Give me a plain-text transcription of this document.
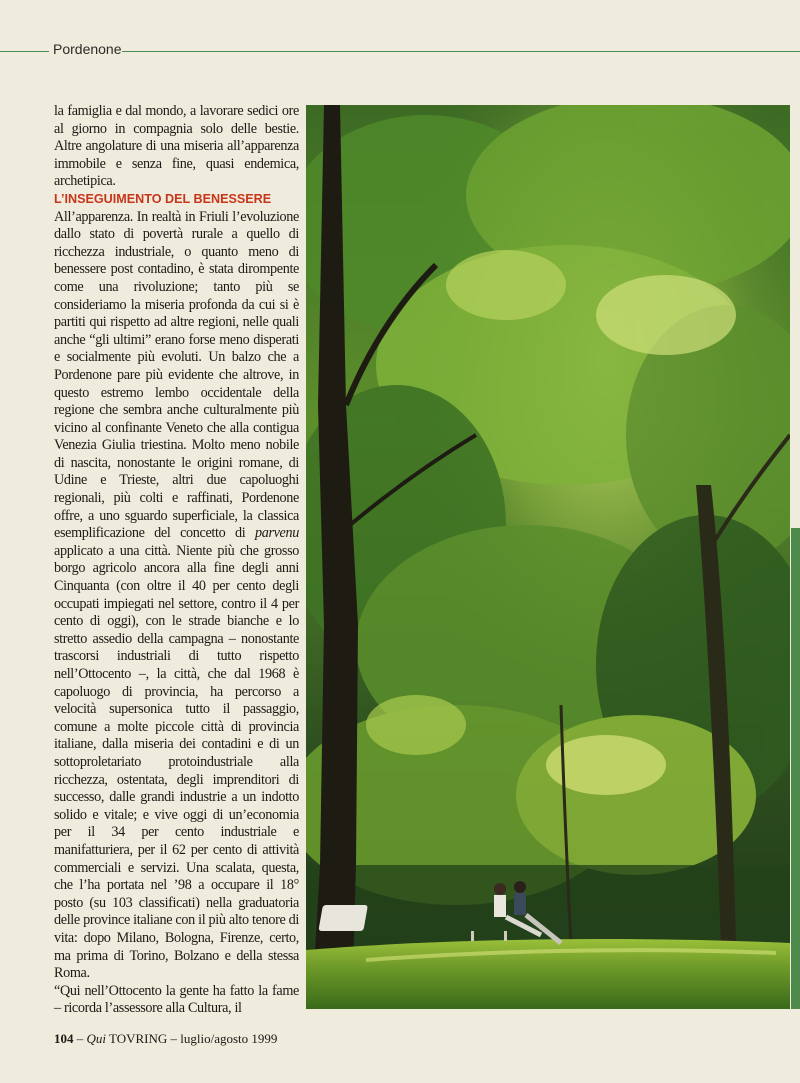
Pordenone

la famiglia e dal mondo, a lavorare sedici ore al giorno in compagnia solo delle bestie. Altre angolature di una miseria all’apparenza immobile e senza fine, quasi endemica, archetipica.

L’INSEGUIMENTO DEL BENESSERE

All’apparenza. In realtà in Friuli l’evoluzione dallo stato di povertà rurale a quello di ricchezza industriale, o quanto meno di benessere post contadino, è stata dirompente come una rivoluzione; tanto più se consideriamo la miseria profonda da cui si è partiti qui rispetto ad altre regioni, nelle quali anche “gli ultimi” erano forse meno disperati e socialmente più evoluti. Un balzo che a Pordenone pare più evidente che altrove, in questo estremo lembo occidentale della regione che sembra anche culturalmente più vicino al confinante Veneto che alla contigua Venezia Giulia triestina. Molto meno nobile di nascita, nonostante le origini romane, di Udine e Trieste, altri due capoluoghi regionali, più colti e raffinati, Pordenone offre, a uno sguardo superficiale, la classica esemplificazione del concetto di parvenu applicato a una città. Niente più che grosso borgo agricolo ancora alla fine degli anni Cinquanta (con oltre il 40 per cento degli occupati impiegati nel settore, contro il 4 per cento di oggi), con le strade bianche e lo stretto assedio della campagna – nonostante trascorsi industriali di tutto rispetto nell’Ottocento –, la città, che dal 1968 è capoluogo di provincia, ha percorso a velocità supersonica tutto il passaggio, comune a molte piccole città di provincia italiane, dalla miseria dei contadini e di un sottoproletariato protoindustriale alla ricchezza, ostentata, degli imprenditori di successo, dalle grandi industrie a un indotto solido e vitale; e vive oggi di un’economia per il 34 per cento industriale e manifatturiera, per il 62 per cento di attività commerciali e servizi. Una scalata, questa, che l’ha portata nel ’98 a occupare il 18° posto (su 103 classificati) nella graduatoria delle province italiane con il più alto tenore di vita: dopo Milano, Bologna, Firenze, certo, ma prima di Torino, Bolzano e della stessa Roma.

“Qui nell’Ottocento la gente ha fatto la fame – ricorda l’assessore alla Cultura, il

104 – Qui TOVRING – luglio/agosto 1999
